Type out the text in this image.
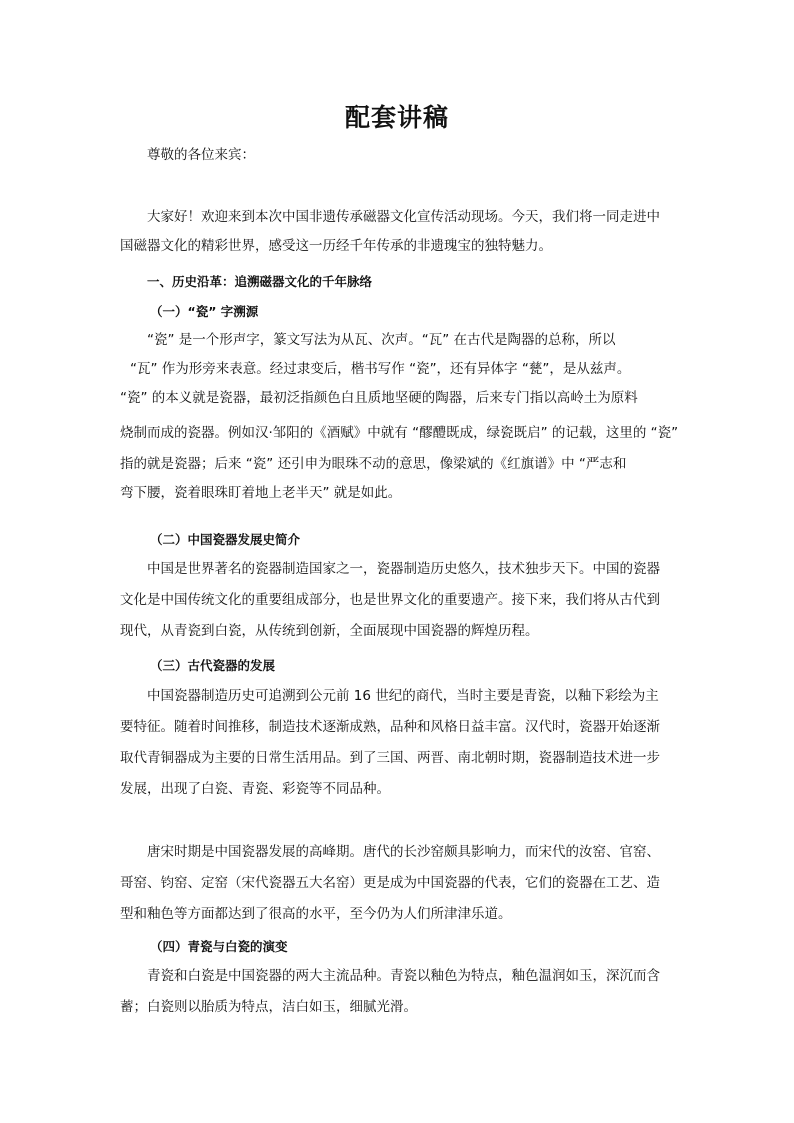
配套讲稿
尊敬的各位来宾：

大家好！欢迎来到本次中国非遗传承磁器文化宣传活动现场。今天，我们将一同走进中

国磁器文化的精彩世界，感受这一历经千年传承的非遗瑰宝的独特魅力。

一、历史沿革：追溯磁器文化的千年脉络
（一）“瓷” 字溯源

“瓷” 是一个形声字，篆文写法为从瓦、次声。“瓦” 在古代是陶器的总称，所以

“瓦” 作为形旁来表意。经过隶变后，楷书写作 “瓷”，还有异体字 “甆”，是从兹声。

“瓷” 的本义就是瓷器，最初泛指颜色白且质地坚硬的陶器，后来专门指以高岭土为原料

烧制而成的瓷器。例如汉·邹阳的《酒赋》中就有 “醪醴既成，绿瓷既启” 的记载，这里的 “瓷”

指的就是瓷器；后来 “瓷” 还引申为眼珠不动的意思，像梁斌的《红旗谱》中 “严志和

弯下腰，瓷着眼珠盯着地上老半天” 就是如此。

（二）中国瓷器发展史简介

中国是世界著名的瓷器制造国家之一，瓷器制造历史悠久，技术独步天下。中国的瓷器

文化是中国传统文化的重要组成部分，也是世界文化的重要遗产。接下来，我们将从古代到

现代，从青瓷到白瓷，从传统到创新，全面展现中国瓷器的辉煌历程。

（三）古代瓷器的发展

中国瓷器制造历史可追溯到公元前 16 世纪的商代，当时主要是青瓷，以釉下彩绘为主

要特征。随着时间推移，制造技术逐渐成熟，品种和风格日益丰富。汉代时，瓷器开始逐渐

取代青铜器成为主要的日常生活用品。到了三国、两晋、南北朝时期，瓷器制造技术进一步

发展，出现了白瓷、青瓷、彩瓷等不同品种。

唐宋时期是中国瓷器发展的高峰期。唐代的长沙窑颇具影响力，而宋代的汝窑、官窑、

哥窑、钧窑、定窑（宋代瓷器五大名窑）更是成为中国瓷器的代表，它们的瓷器在工艺、造

型和釉色等方面都达到了很高的水平，至今仍为人们所津津乐道。

（四）青瓷与白瓷的演变

青瓷和白瓷是中国瓷器的两大主流品种。青瓷以釉色为特点，釉色温润如玉，深沉而含

蓄；白瓷则以胎质为特点，洁白如玉，细腻光滑。
